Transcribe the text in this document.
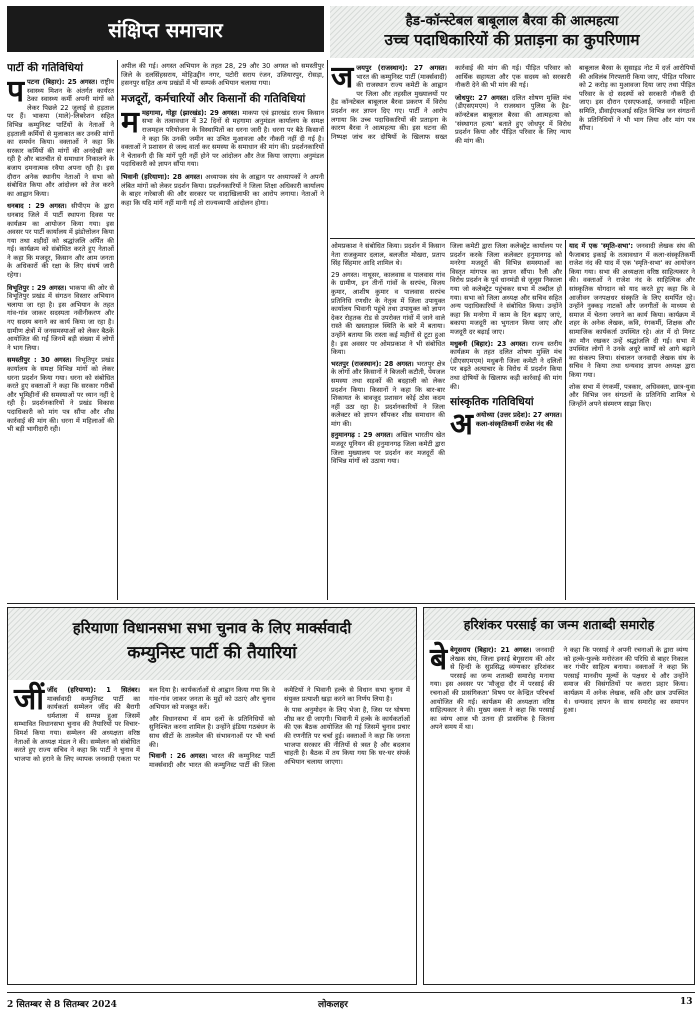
संक्षिप्त समाचार	हैड-कॉन्स्टेबल बाबूलाल बैरवा की आत्महत्या
उच्च पदाधिकारियों की प्रताड़ना का कुपरिणाम
पार्टी की गतिविधियां

पपटना (बिहार): 25 अगस्त। राष्ट्रीय स्वास्थ्य मिशन के अंतर्गत कार्यरत ठेका स्वास्थ्य कर्मी अपनी मांगों को लेकर पिछले 22 जुलाई से हड़ताल पर हैं। भाकपा (माले)-लिबरेशन सहित विभिन्न कम्युनिस्ट पार्टियों के नेताओं ने हड़ताली कर्मियों से मुलाकात कर उनकी मांगों का समर्थन किया। वक्ताओं ने कहा कि सरकार कर्मियों की मांगों की अनदेखी कर रही है और बातचीत से समाधान निकालने के बजाय दमनात्मक रवैया अपना रही है। इस दौरान अनेक स्थानीय नेताओं ने सभा को संबोधित किया और आंदोलन को तेज करने का आह्वान किया।

धनबाद : 29 अगस्त। सीपीएम के द्वारा धनबाद जिले में पार्टी स्थापना दिवस पर कार्यक्रम का आयोजन किया गया। इस अवसर पर पार्टी कार्यालय में झंडोत्तोलन किया गया तथा शहीदों को श्रद्धांजलि अर्पित की गई। कार्यक्रम को संबोधित करते हुए नेताओं ने कहा कि मजदूर, किसान और आम जनता के अधिकारों की रक्षा के लिए संघर्ष जारी रहेगा।

विभूतिपुर : 29 अगस्त। भाकपा की ओर से विभूतिपुर प्रखंड में संगठन विस्तार अभियान चलाया जा रहा है। इस अभियान के तहत गांव-गांव जाकर सदस्यता नवीनीकरण और नए सदस्य बनाने का कार्य किया जा रहा है। ग्रामीण क्षेत्रों में जनसमस्याओं को लेकर बैठकें आयोजित की गईं जिनमें बड़ी संख्या में लोगों ने भाग लिया।

समस्तीपुर : 30 अगस्त। विभूतिपुर प्रखंड कार्यालय के समक्ष विभिन्न मांगों को लेकर धरना प्रदर्शन किया गया। धरना को संबोधित करते हुए वक्ताओं ने कहा कि सरकार गरीबों और भूमिहीनों की समस्याओं पर ध्यान नहीं दे रही है। प्रदर्शनकारियों ने प्रखंड विकास पदाधिकारी को मांग पत्र सौंपा और शीघ्र कार्रवाई की मांग की। धरना में महिलाओं की भी बड़ी भागीदारी रही।

अपील की गई। अगस्त अभियान के तहत 28, 29 और 30 अगस्त को समस्तीपुर जिले के दलसिंहसराय, मोहिउद्दीन नगर, पटोरी सराय रंजन, उजियारपुर, रोसड़ा, हसनपुर सहित अन्य प्रखंडों में भी सम्पर्क अभियान चलाया गया।

मजदूरों, कर्मचारियों और किसानों की गतिविधियां

ममहगामा, गोड्डा (झारखंड): 29 अगस्त। माकपा एवं झारखंड राज्य किसान सभा के तत्वावधान में 32 दिनों से महगामा अनुमंडल कार्यालय के समक्ष राजमहल परियोजना के विस्थापितों का धरना जारी है। धरना पर बैठे किसानों ने कहा कि उनकी जमीन का उचित मुआवजा और नौकरी नहीं दी गई है। वक्ताओं ने प्रशासन से जल्द वार्ता कर समस्या के समाधान की मांग की। प्रदर्शनकारियों ने चेतावनी दी कि मांगें पूरी नहीं होने पर आंदोलन और तेज किया जाएगा। अनुमंडल पदाधिकारी को ज्ञापन सौंपा गया।

भिवानी (हरियाणा): 28 अगस्त। अध्यापक संघ के आह्वान पर अध्यापकों ने अपनी लंबित मांगों को लेकर प्रदर्शन किया। प्रदर्शनकारियों ने जिला शिक्षा अधिकारी कार्यालय के बाहर नारेबाजी की और सरकार पर वादाखिलाफी का आरोप लगाया। नेताओं ने कहा कि यदि मांगें नहीं मानी गईं तो राज्यव्यापी आंदोलन होगा।

जजयपुर (राजस्थान): 27 अगस्त। भारत की कम्युनिस्ट पार्टी (मार्क्सवादी) की राजस्थान राज्य कमेटी के आह्वान पर जिला और तहसील मुख्यालयों पर हैड कॉन्स्टेबल बाबूलाल बैरवा प्रकरण में विरोध प्रदर्शन कर ज्ञापन दिए गए। पार्टी ने आरोप लगाया कि उच्च पदाधिकारियों की प्रताड़ना के कारण बैरवा ने आत्महत्या की। इस घटना की निष्पक्ष जांच कर दोषियों के खिलाफ सख्त कार्रवाई की मांग की गई। पीड़ित परिवार को आर्थिक सहायता और एक सदस्य को सरकारी नौकरी देने की भी मांग की गई।

जोधपुर: 27 अगस्त। दलित शोषण मुक्ति मंच (डीएसएमएम) ने राजस्थान पुलिस के हैड-कॉन्स्टेबल बाबूलाल बैरवा की आत्महत्या को 'संस्थागत हत्या' बताते हुए जोधपुर में विरोध प्रदर्शन किया और पीड़ित परिवार के लिए न्याय की मांग की।

बाबूलाल बैरवा के सुसाइड नोट में दर्ज आरोपियों की अविलंब गिरफ्तारी किया जाए, पीड़ित परिवार को 2 करोड़ का मुआवजा दिया जाए तथा पीड़ित परिवार के दो सदस्यों को सरकारी नौकरी दी जाए। इस दौरान एसएफआई, जनवादी महिला समिति, डीवाईएफआई सहित विभिन्न जन संगठनों के प्रतिनिधियों ने भी भाग लिया और मांग पत्र सौंपा।

ओमप्रकाश ने संबोधित किया। प्रदर्शन में किसान नेता राजकुमार दलाल, बलजीत मोखरा, प्रताप सिंह सिंहमार आदि शामिल थे।

29 अगस्त। नाथूसर, कालवास व पालवास गांव के ग्रामीण, इन तीनों गांवों के सरपंच, विजय कुमार, आशीष कुमार व पालवास सरपंच प्रतिनिधि रणधीर के नेतृत्व में जिला उपायुक्त कार्यालय भिवानी पहुंचे तथा उपायुक्त को ज्ञापन देकर रोहतक रोड से उपरोक्त गांवों में जाने वाले रास्ते की खस्ताहाल स्थिति के बारे में बताया। उन्होंने बताया कि रास्ता कई महीनों से टूटा हुआ है। इस अवसर पर ओमप्रकाश ने भी संबोधित किया।

भरतपुर (राजस्थान): 28 अगस्त। भरतपुर क्षेत्र के लोगों और किसानों ने बिजली कटौती, पेयजल समस्या तथा सड़कों की बदहाली को लेकर प्रदर्शन किया। किसानों ने कहा कि बार-बार शिकायत के बावजूद प्रशासन कोई ठोस कदम नहीं उठा रहा है। प्रदर्शनकारियों ने जिला कलेक्टर को ज्ञापन सौंपकर शीघ्र समाधान की मांग की।

हनुमानगढ़ : 29 अगस्त। अखिल भारतीय खेत मजदूर यूनियन की हनुमानगढ़ जिला कमेटी द्वारा जिला मुख्यालय पर प्रदर्शन कर मजदूरों की विभिन्न मांगों को उठाया गया।

जिला कमेटी द्वारा जिला कलेक्ट्रेट कार्यालय पर प्रदर्शन करके जिला कलेक्टर हनुमानगढ़ को मनरेगा मजदूरों की विभिन्न समस्याओं का विस्तृत मांगपत्र का ज्ञापन सौंपा। रैली और विरोध प्रदर्शन के पूर्व धानमंडी से जुलूस निकाला गया जो कलेक्ट्रेट पहुंचकर सभा में तब्दील हो गया। सभा को जिला अध्यक्ष और सचिव सहित अन्य पदाधिकारियों ने संबोधित किया। उन्होंने कहा कि मनरेगा में काम के दिन बढ़ाए जाएं, बकाया मजदूरी का भुगतान किया जाए और मजदूरी दर बढ़ाई जाए।

मधुबनी (बिहार): 23 अगस्त। राज्य स्तरीय कार्यक्रम के तहत दलित शोषण मुक्ति मंच (डीएसएमएम) मधुबनी जिला कमेटी ने दलितों पर बढ़ते अत्याचार के विरोध में प्रदर्शन किया तथा दोषियों के खिलाफ कड़ी कार्रवाई की मांग की।

सांस्कृतिक गतिविधियां

अअयोध्या (उत्तर प्रदेश): 27 अगस्त। कला-संस्कृतिकर्मी राजेश नंद की

याद में एक 'स्मृति-सभा': जनवादी लेखक संघ की फैजाबाद इकाई के तत्वावधान में कला-संस्कृतिकर्मी राजेश नंद की याद में एक 'स्मृति-सभा' का आयोजन किया गया। सभा की अध्यक्षता वरिष्ठ साहित्यकार ने की। वक्ताओं ने राजेश नंद के साहित्यिक और सांस्कृतिक योगदान को याद करते हुए कहा कि वे आजीवन जनपक्षधर संस्कृति के लिए समर्पित रहे। उन्होंने नुक्कड़ नाटकों और जनगीतों के माध्यम से समाज में चेतना जगाने का कार्य किया। कार्यक्रम में शहर के अनेक लेखक, कवि, रंगकर्मी, शिक्षक और सामाजिक कार्यकर्ता उपस्थित रहे। अंत में दो मिनट का मौन रखकर उन्हें श्रद्धांजलि दी गई। सभा में उपस्थित लोगों ने उनके अधूरे कार्यों को आगे बढ़ाने का संकल्प लिया। संचालन जनवादी लेखक संघ के सचिव ने किया तथा धन्यवाद ज्ञापन अध्यक्ष द्वारा किया गया।

शोक सभा में रंगकर्मी, पत्रकार, अधिवक्ता, छात्र-युवा और विभिन्न जन संगठनों के प्रतिनिधि शामिल थे जिन्होंने अपने संस्मरण साझा किए।

हरियाणा विधानसभा सभा चुनाव के लिए मार्क्सवादी
कम्युनिस्ट पार्टी की तैयारियां

जींजींद (हरियाणा): 1 सितंबर। मार्क्सवादी कम्युनिस्ट पार्टी का कार्यकर्ता सम्मेलन जींद की बैरागी धर्मशाला में सम्पन्न हुआ जिसमें सम्भावित विधानसभा चुनाव की तैयारियों पर विचार-विमर्श किया गया। सम्मेलन की अध्यक्षता वरिष्ठ नेताओं के अध्यक्ष मंडल ने की। सम्मेलन को संबोधित करते हुए राज्य सचिव ने कहा कि पार्टी ने चुनाव में भाजपा को हराने के लिए व्यापक जनवादी एकता पर बल दिया है। कार्यकर्ताओं से आह्वान किया गया कि वे गांव-गांव जाकर जनता के मुद्दों को उठाएं और चुनाव अभियान को मजबूत करें।

और विधानसभा में वाम दलों के प्रतिनिधियों को सुनिश्चित करना शामिल है। उन्होंने इंडिया गठबंधन के साथ सीटों के तालमेल की संभावनाओं पर भी चर्चा की।

भिवानी : 26 अगस्त। भारत की कम्युनिस्ट पार्टी मार्क्सवादी और भारत की कम्युनिस्ट पार्टी की जिला कमेटियों ने भिवानी हल्के से विधान सभा चुनाव में संयुक्त प्रत्याशी खड़ा करने का निर्णय लिया है।

के पास अनुमोदन के लिए भेजा है, जिस पर घोषणा शीघ्र कर दी जाएगी। भिवानी में हल्के के कार्यकर्ताओं की एक बैठक आयोजित की गई जिसमें चुनाव प्रचार की रणनीति पर चर्चा हुई। वक्ताओं ने कहा कि जनता भाजपा सरकार की नीतियों से त्रस्त है और बदलाव चाहती है। बैठक में तय किया गया कि घर-घर संपर्क अभियान चलाया जाएगा।

हरिशंकर परसाई का जन्म शताब्दी समारोह

बेबेगूसराय (बिहार): 21 अगस्त। जनवादी लेखक संघ, जिला इकाई बेगूसराय की ओर से हिन्दी के सुप्रसिद्ध व्यंग्यकार हरिशंकर परसाई का जन्म शताब्दी समारोह मनाया गया। इस अवसर पर 'मौजूदा दौर में परसाई की रचनाओं की प्रासंगिकता' विषय पर केन्द्रित परिचर्चा आयोजित की गई। कार्यक्रम की अध्यक्षता वरिष्ठ साहित्यकार ने की। मुख्य वक्ता ने कहा कि परसाई का व्यंग्य आज भी उतना ही प्रासंगिक है जितना अपने समय में था।

ने कहा कि परसाई ने अपनी रचनाओं के द्वारा व्यंग्य को हल्के-फुल्के मनोरंजन की परिधि से बाहर निकाल कर गंभीर साहित्य बनाया। वक्ताओं ने कहा कि परसाई मानवीय मूल्यों के पक्षधर थे और उन्होंने समाज की विसंगतियों पर करारा प्रहार किया। कार्यक्रम में अनेक लेखक, कवि और छात्र उपस्थित थे। धन्यवाद ज्ञापन के साथ समारोह का समापन हुआ।

2 सितम्बर से 8 सितम्बर 2024	लोकलहर	13
